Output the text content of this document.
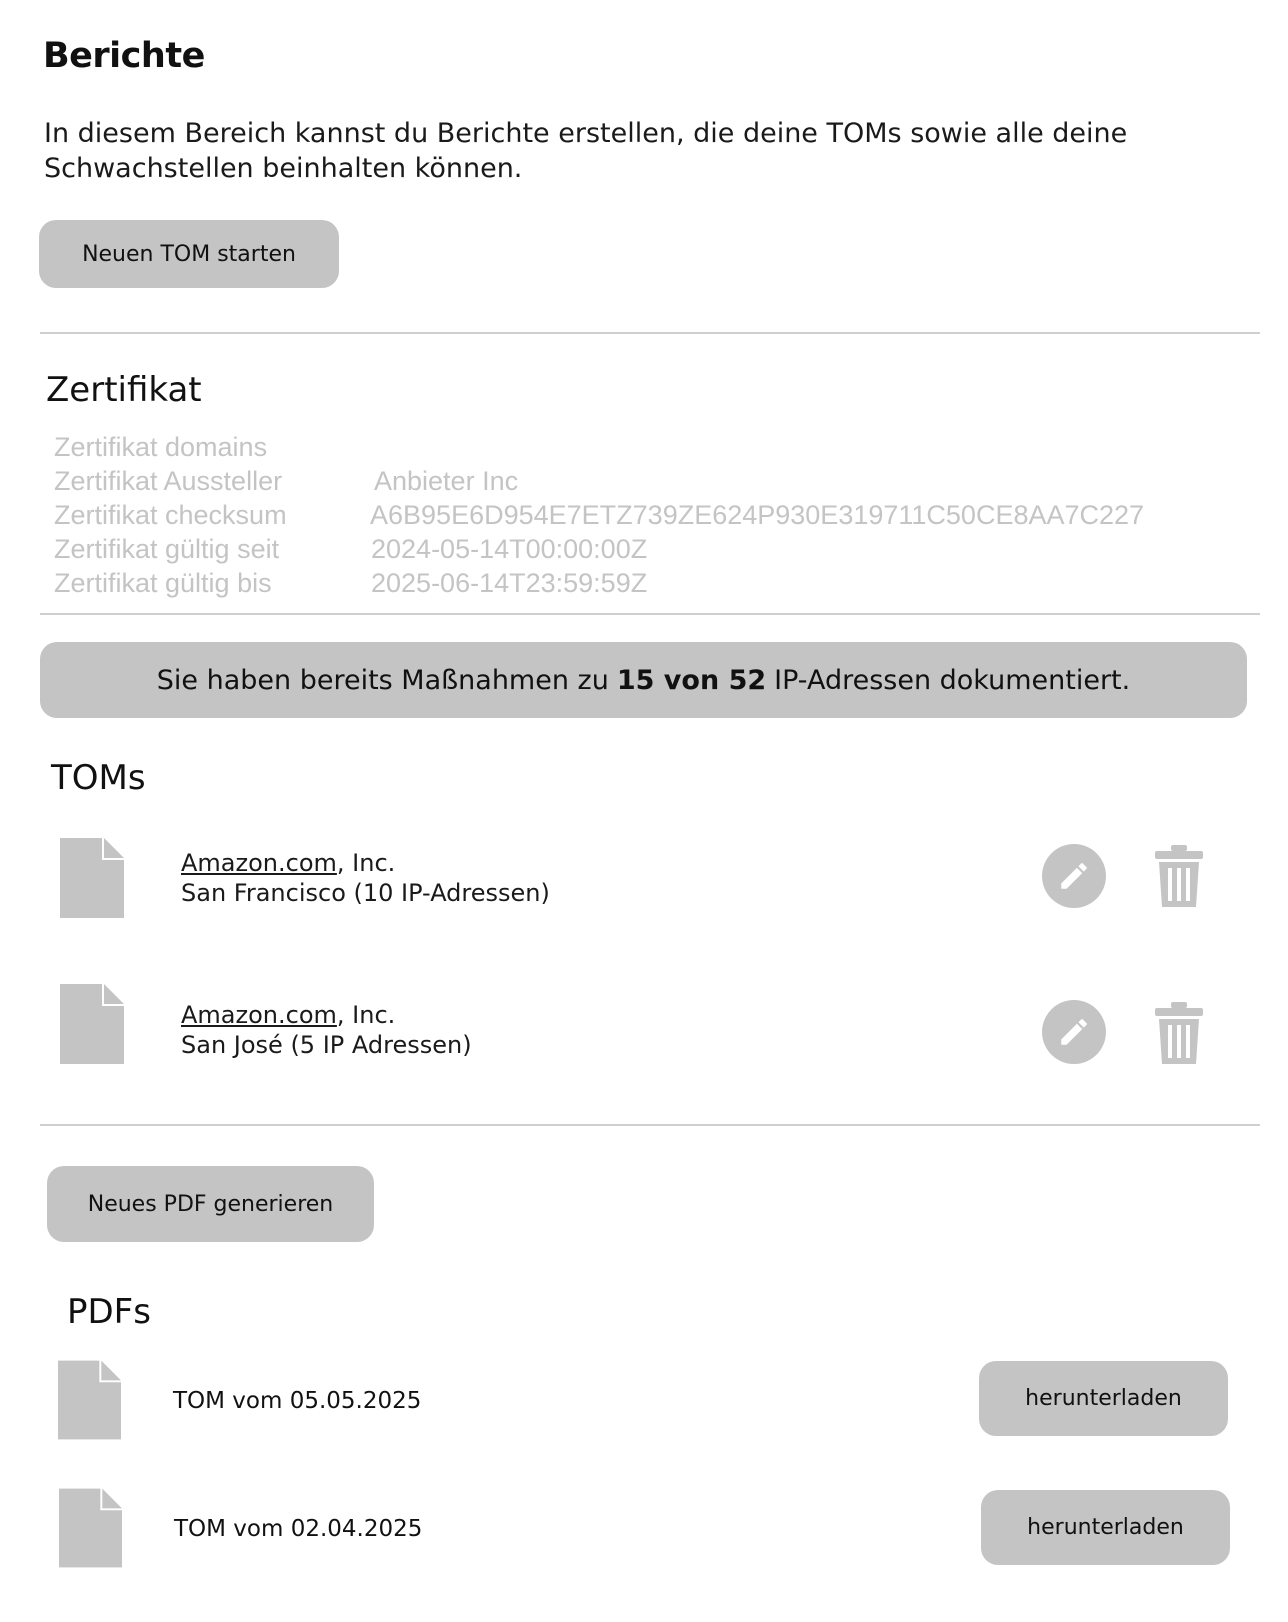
Berichte
In diesem Bereich kannst du Berichte erstellen, die deine TOMs sowie alle deine
Schwachstellen beinhalten können.
Neuen TOM starten
Zertifikat
Zertifikat domains
Zertifikat Aussteller	Anbieter Inc
Zertifikat checksum	A6B95E6D954E7ETZ739ZE624P930E319711C50CE8AA7C227
Zertifikat gültig seit	2024-05-14T00:00:00Z
Zertifikat gültig bis	2025-06-14T23:59:59Z
Sie haben bereits Maßnahmen zu 15 von 52 IP-Adressen dokumentiert.
TOMs
Amazon.com, Inc.
San Francisco (10 IP-Adressen)
Amazon.com, Inc.
San José (5 IP Adressen)
Neues PDF generieren
PDFs
TOM vom 05.05.2025	herunterladen
TOM vom 02.04.2025	herunterladen
